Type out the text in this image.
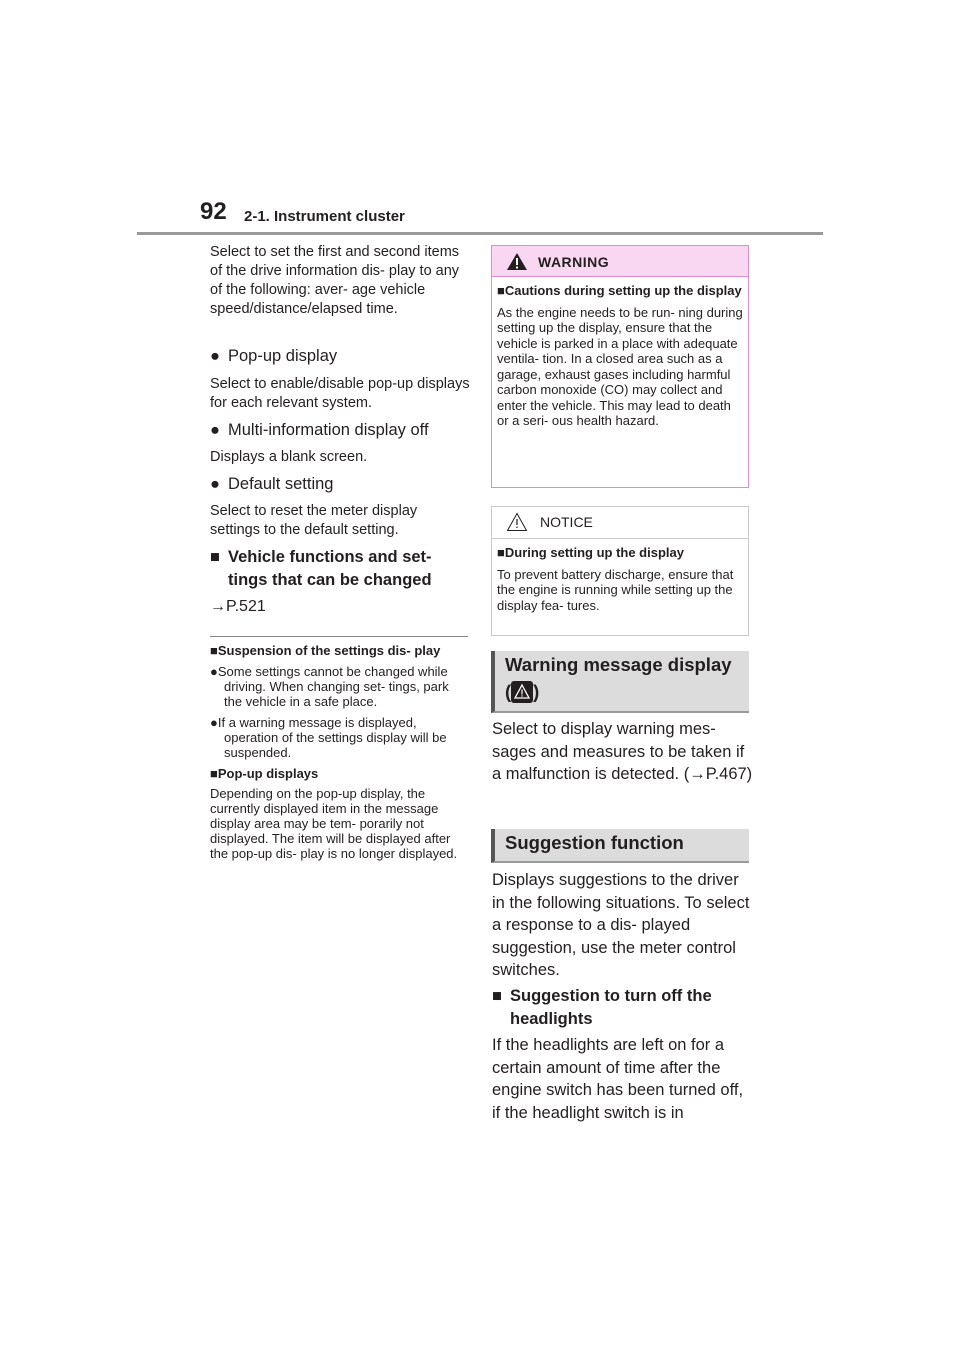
92 2-1. Instrument cluster
Select to set the first and second items of the drive information dis- play to any of the following: aver- age vehicle speed/distance/elapsed time.
● Pop-up display
Select to enable/disable pop-up displays for each relevant system.
● Multi-information display off
Displays a blank screen.
● Default setting
Select to reset the meter display settings to the default setting.
■ Vehicle functions and set- tings that can be changed
→P.521
■Suspension of the settings dis- play
●Some settings cannot be changed while driving. When changing set- tings, park the vehicle in a safe place.
●If a warning message is displayed, operation of the settings display will be suspended.
■Pop-up displays
Depending on the pop-up display, the currently displayed item in the message display area may be tem- porarily not displayed. The item will be displayed after the pop-up dis- play is no longer displayed.
WARNING
■Cautions during setting up the display
As the engine needs to be run- ning during setting up the display, ensure that the vehicle is parked in a place with adequate ventila- tion. In a closed area such as a garage, exhaust gases including harmful carbon monoxide (CO) may collect and enter the vehicle. This may lead to death or a seri- ous health hazard.
NOTICE
■During setting up the display
To prevent battery discharge, ensure that the engine is running while setting up the display fea- tures.
Warning message display
( )
Select to display warning mes- sages and measures to be taken if a malfunction is detected. (→P.467)
Suggestion function
Displays suggestions to the driver in the following situations. To select a response to a dis- played suggestion, use the meter control switches.
■ Suggestion to turn off the headlights
If the headlights are left on for a certain amount of time after the engine switch has been turned off, if the headlight switch is in
